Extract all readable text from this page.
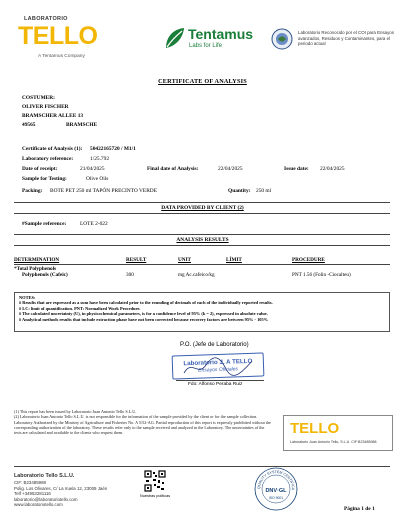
LABORATORIO
TELLO
A Tentamus Company
Tentamus
Labs for Life
Laboratorio Reconocido por el COI para Ensayos avanzados, Residuos y Contaminantes, para el periodo actual
CERTIFICATE OF ANALYSIS
COSTUMER:
OLIVER FISCHER
BRAMSCHER ALLEE 13
49565	BRAMSCHE
Certificate of Analysis (1): 50422165720 / M1/1
Laboratory reference:	1/25.792
Date of receipt:	21/04/2025	Final date of Analysis:	22/04/2025	Issue date: 22/04/2025
Sample for Testing:	Olive Oils
Packing: BOTE PET 250 ml TAPÓN PRECINTO VERDE	Quantity: 250 ml
DATA PROVIDED BY CLIENT (2)
#Sample reference:	LOTE 2-022
ANALYSIS RESULTS
DETERMINATION	RESULT	UNIT	LÍMIT	PROCEDURE
*Total Polyphenols				
Polyphenols (Cafeic)	300	mg Ac.cafeico/kg		PNT 1.56 (Folin -Ciocalteu)
NOTES:
# Results that are expressed as a sum have been calculated prior to the rounding of decimals of each of the individually reported results.
# LC: limit of quantification. PNT: Normalized Work Procedure.
# The calculated uncertainty (U), in physicochemical parameters, is for a confidence level of 95% (k = 2), expressed in absolute value.
# Analytical methods results that include extraction phase have not been corrected because recovery factors are between 95% - 105%
P.O. (Jefe de Laboratorio)
Laboratorio J. A TELLO
Ensayos Oficiales
Fdo: Alfonso Peraba Ruiz
(1) This report has been issued by Laboratorio Juan Antonio Tello S.L.U.
(2) Laboratorio Juan Antonio Tello S.L.U. is not responsible for the information of the sample provided by the client or for the sample collection.
Laboratory Authorized by the Ministry of Agriculture and Fisheries No. A 5/52-AG. Partial reproduction of this report is expressly prohibited without the corresponding authorization of the laboratory. These results refer only to the sample received and analyzed in the Laboratory. The uncertainties of the tests are calculated and available to the clients who request them.	TELLO
Laboratorio Juan Antonio Tello, S.L.U. CIF:B23485988
Laboratorio Tello S.L.U.
CIF: B23485988
Polig. Los Olivares, C/ La Iruela 12, 23009 Jaén
Telf +34953281116
laboratorio@laboratoriotello.com
www.laboratoriotello.com
Nuestras políticas
QUALITY SYSTEM CERTIFICA
DNV·GL
ISO 9001
Página 1 de 1
